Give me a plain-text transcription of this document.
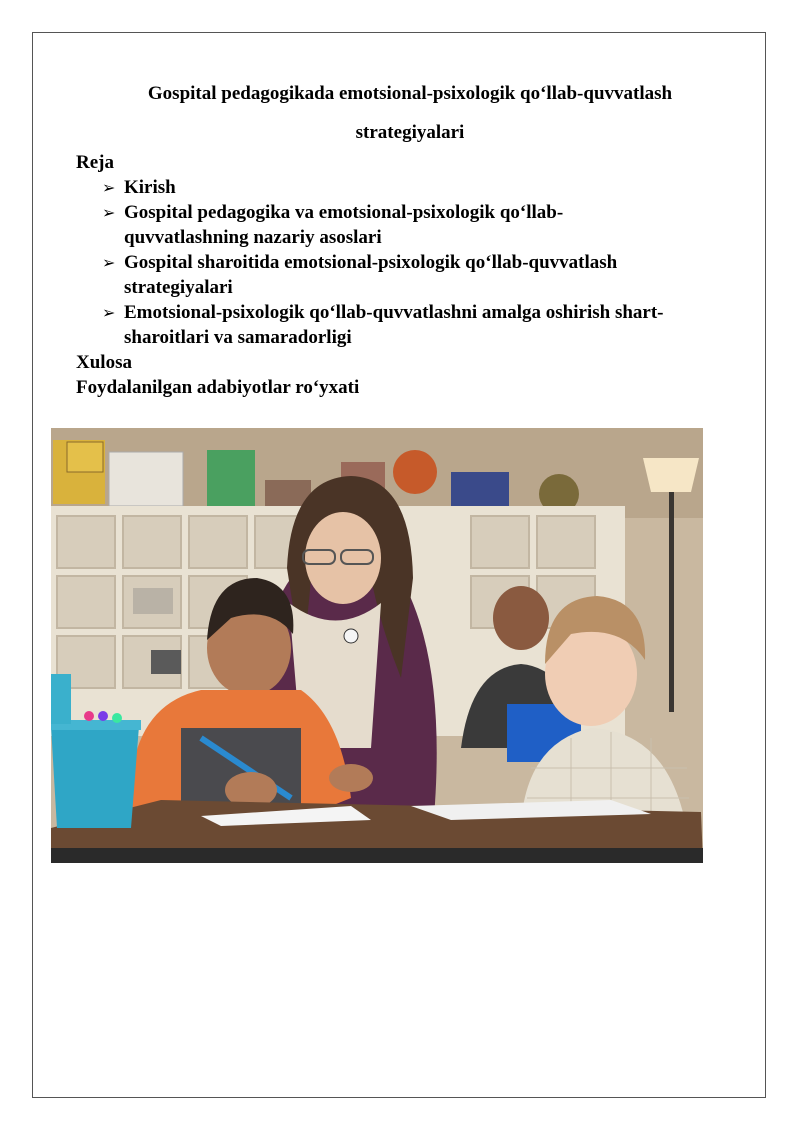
Gospital pedagogikada emotsional-psixologik qo‘llab-quvvatlash
strategiyalari
Reja
➢ Kirish
➢ Gospital pedagogika va emotsional-psixologik qo‘llab-
quvvatlashning nazariy asoslari
➢ Gospital sharoitida emotsional-psixologik qo‘llab-quvvatlash
strategiyalari
➢ Emotsional-psixologik qo‘llab-quvvatlashni amalga oshirish shart-
sharoitlari va samaradorligi
Xulosa
Foydalanilgan adabiyotlar ro‘yxati
